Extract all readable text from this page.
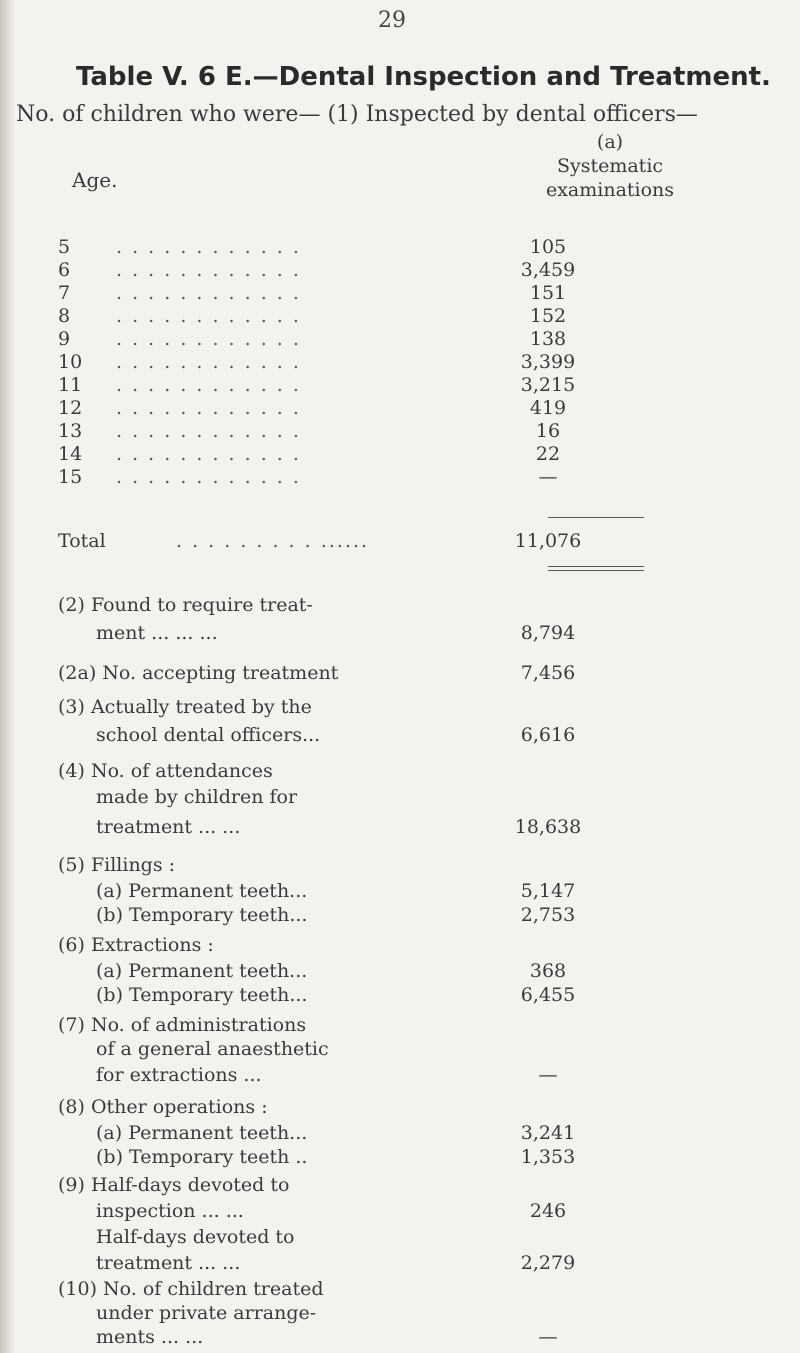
29
Table V. 6 E.—Dental Inspection and Treatment.
No. of children who were— (1) Inspected by dental officers—
(a)
Systematic
examinations
Age.
5 . . . . . . . . . . . .	105
6 . . . . . . . . . . . .	3,459
7 . . . . . . . . . . . .	151
8 . . . . . . . . . . . .	152
9 . . . . . . . . . . . .	138
10 . . . . . . . . . . . .	3,399
11 . . . . . . . . . . . .	3,215
12 . . . . . . . . . . . .	419
13 . . . . . . . . . . . .	16
14 . . . . . . . . . . . .	22
15 . . . . . . . . . . . .	—
Total	. . . . . . . . . ......	11,076
(2) Found to require treat-
ment ... ... ...	8,794
(2a) No. accepting treatment	7,456
(3) Actually treated by the
school dental officers...	6,616
(4) No. of attendances
made by children for
treatment ... ...	18,638
(5) Fillings :
(a) Permanent teeth...	5,147
(b) Temporary teeth...	2,753
(6) Extractions :
(a) Permanent teeth...	368
(b) Temporary teeth...	6,455
(7) No. of administrations
of a general anaesthetic
for extractions ...	—
(8) Other operations :
(a) Permanent teeth...	3,241
(b) Temporary teeth ..	1,353
(9) Half-days devoted to
inspection ... ...	246
Half-days devoted to
treatment ... ...	2,279
(10) No. of children treated
under private arrange-
ments ... ...	—
